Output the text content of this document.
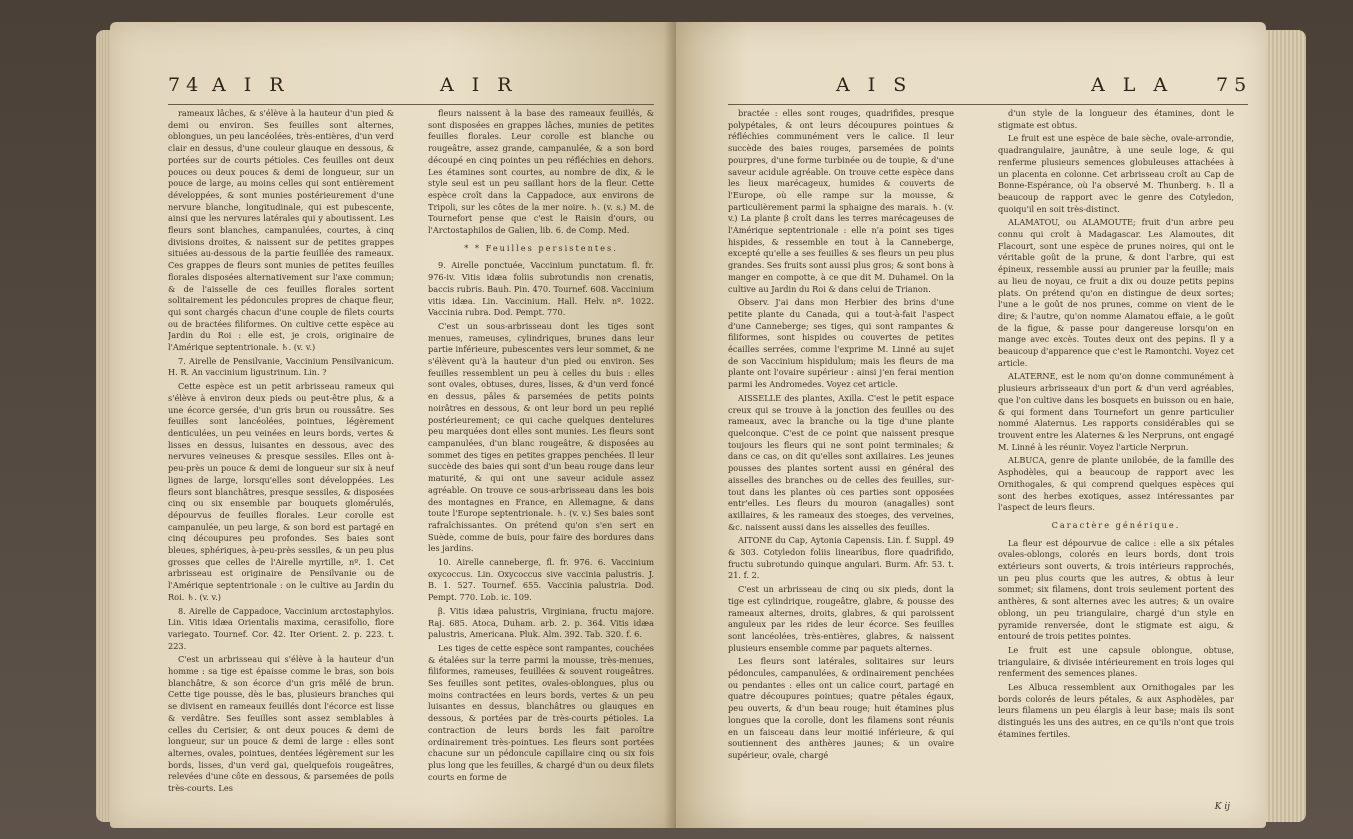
74 A I R	A I R

rameaux lâches, & s'élève à la hauteur d'un pied & demi ou environ. Ses feuilles sont alternes, oblongues, un peu lancéolées, très-entières, d'un verd clair en dessus, d'une couleur glauque en dessous, & portées sur de courts pétioles. Ces feuilles ont deux pouces ou deux pouces & demi de longueur, sur un pouce de large, au moins celles qui sont entièrement développées, & sont munies postérieurement d'une nervure blanche, longitudinale, qui est pubescente, ainsi que les nervures latérales qui y aboutissent. Les fleurs sont blanches, campanulées, courtes, à cinq divisions droites, & naissent sur de petites grappes situées au-dessous de la partie feuillée des rameaux. Ces grappes de fleurs sont munies de petites feuilles florales disposées alternativement sur l'axe commun; & de l'aisselle de ces feuilles florales sortent solitairement les pédoncules propres de chaque fleur, qui sont chargés chacun d'une couple de filets courts ou de bractées filiformes. On cultive cette espèce au Jardin du Roi : elle est, je crois, originaire de l'Amérique septentrionale. ♄. (v. v.)

7. Airelle de Pensilvanie, Vaccinium Pensilvanicum. H. R. An vaccinium ligustrinum. Lin. ?

Cette espèce est un petit arbrisseau rameux qui s'élève à environ deux pieds ou peut-être plus, & a une écorce gersée, d'un gris brun ou roussâtre. Ses feuilles sont lancéolées, pointues, légèrement denticulées, un peu veinées en leurs bords, vertes & lisses en dessus, luisantes en dessous, avec des nervures veineuses & presque sessiles. Elles ont à-peu-près un pouce & demi de longueur sur six à neuf lignes de large, lorsqu'elles sont développées. Les fleurs sont blanchâtres, presque sessiles, & disposées cinq ou six ensemble par bouquets glomérulés, dépourvus de feuilles florales. Leur corolle est campanulée, un peu large, & son bord est partagé en cinq découpures peu profondes. Ses baies sont bleues, sphériques, à-peu-près sessiles, & un peu plus grosses que celles de l'Airelle myrtille, nº. 1. Cet arbrisseau est originaire de Pensilvanie ou de l'Amérique septentrionale : on le cultive au Jardin du Roi. ♄. (v. v.)

8. Airelle de Cappadoce, Vaccinium arctostaphylos. Lin. Vitis idæa Orientalis maxima, cerasifolio, flore variegato. Tournef. Cor. 42. Iter Orient. 2. p. 223. t. 223.

C'est un arbrisseau qui s'élève à la hauteur d'un homme : sa tige est épaisse comme le bras, son bois blanchâtre, & son écorce d'un gris mêlé de brun. Cette tige pousse, dès le bas, plusieurs branches qui se divisent en rameaux feuillés dont l'écorce est lisse & verdâtre. Ses feuilles sont assez semblables à celles du Cerisier, & ont deux pouces & demi de longueur, sur un pouce & demi de large : elles sont alternes, ovales, pointues, dentées légèrement sur les bords, lisses, d'un verd gai, quelquefois rougeâtres, relevées d'une côte en dessous, & parsemées de poils très-courts. Les

fleurs naissent à la base des rameaux feuillés, & sont disposées en grappes lâches, munies de petites feuilles florales. Leur corolle est blanche ou rougeâtre, assez grande, campanulée, & a son bord découpé en cinq pointes un peu réfléchies en dehors. Les étamines sont courtes, au nombre de dix, & le style seul est un peu saillant hors de la fleur. Cette espèce croît dans la Cappadoce, aux environs de Tripoli, sur les côtes de la mer noire. ♄. (v. s.) M. de Tournefort pense que c'est le Raisin d'ours, ou l'Arctostaphilos de Galien, lib. 6. de Comp. Med.

* * Feuilles persistentes.

9. Airelle ponctuée, Vaccinium punctatum. fl. fr. 976-iv. Vitis idæa foliis subrotundis non crenatis, baccis rubris. Bauh. Pin. 470. Tournef. 608. Vaccinium vitis idæa. Lin. Vaccinium. Hall. Helv. nº. 1022. Vaccinia rubra. Dod. Pempt. 770.

C'est un sous-arbrisseau dont les tiges sont menues, rameuses, cylindriques, brunes dans leur partie inférieure, pubescentes vers leur sommet, & ne s'élèvent qu'à la hauteur d'un pied ou environ. Ses feuilles ressemblent un peu à celles du buis : elles sont ovales, obtuses, dures, lisses, & d'un verd foncé en dessus, pâles & parsemées de petits points noirâtres en dessous, & ont leur bord un peu replié postérieurement; ce qui cache quelques dentelures peu marquées dont elles sont munies. Les fleurs sont campanulées, d'un blanc rougeâtre, & disposées au sommet des tiges en petites grappes penchées. Il leur succède des baies qui sont d'un beau rouge dans leur maturité, & qui ont une saveur acidule assez agréable. On trouve ce sous-arbrisseau dans les bois des montagnes en France, en Allemagne, & dans toute l'Europe septentrionale. ♄. (v. v.) Ses baies sont rafraîchissantes. On prétend qu'on s'en sert en Suède, comme de buis, pour faire des bordures dans les jardins.

10. Airelle canneberge, fl. fr. 976. 6. Vaccinium oxycoccus. Lin. Oxycoccus sive vaccinia palustris. J. B. 1. 527. Tournef. 655. Vaccinia palustria. Dod. Pempt. 770. Lob. ic. 109.

β. Vitis idæa palustris, Virginiana, fructu majore. Raj. 685. Atoca, Duham. arb. 2. p. 364. Vitis idæa palustris, Americana. Pluk. Alm. 392. Tab. 320. f. 6.

Les tiges de cette espèce sont rampantes, couchées & étalées sur la terre parmi la mousse, très-menues, filiformes, rameuses, feuillées & souvent rougeâtres. Ses feuilles sont petites, ovales-oblongues, plus ou moins contractées en leurs bords, vertes & un peu luisantes en dessus, blanchâtres ou glauques en dessous, & portées par de très-courts pétioles. La contraction de leurs bords les fait paroître ordinairement très-pointues. Les fleurs sont portées chacune sur un pédoncule capillaire cinq ou six fois plus long que les feuilles, & chargé d'un ou deux filets courts en forme de

A I S	A L A 75

bractée : elles sont rouges, quadrifides, presque polypétales, & ont leurs découpures pointues & réfléchies communément vers le calice. Il leur succède des baies rouges, parsemées de points pourpres, d'une forme turbinée ou de toupie, & d'une saveur acidule agréable. On trouve cette espèce dans les lieux marécageux, humides & couverts de l'Europe, où elle rampe sur la mousse, & particulièrement parmi la sphaigne des marais. ♄. (v. v.) La plante β croît dans les terres marécageuses de l'Amérique septentrionale : elle n'a point ses tiges hispides, & ressemble en tout à la Canneberge, excepté qu'elle a ses feuilles & ses fleurs un peu plus grandes. Ses fruits sont aussi plus gros; & sont bons à manger en compotte, à ce que dit M. Duhamel. On la cultive au Jardin du Roi & dans celui de Trianon.

Observ. J'ai dans mon Herbier des brins d'une petite plante du Canada, qui a tout-à-fait l'aspect d'une Canneberge; ses tiges, qui sont rampantes & filiformes, sont hispides ou couvertes de petites écailles serrées, comme l'exprime M. Linné au sujet de son Vaccinium hispidulum; mais les fleurs de ma plante ont l'ovaire supérieur : ainsi j'en ferai mention parmi les Andromedes. Voyez cet article.

AISSELLE des plantes, Axilla. C'est le petit espace creux qui se trouve à la jonction des feuilles ou des rameaux, avec la branche ou la tige d'une plante quelconque. C'est de ce point que naissent presque toujours les fleurs qui ne sont point terminales; & dans ce cas, on dit qu'elles sont axillaires. Les jeunes pousses des plantes sortent aussi en général des aisselles des branches ou de celles des feuilles, sur-tout dans les plantes où ces parties sont opposées entr'elles. Les fleurs du mouron (anagalles) sont axillaires, & les rameaux des stoeges, des verveines, &c. naissent aussi dans les aisselles des feuilles.

AITONE du Cap, Aytonia Capensis. Lin. f. Suppl. 49 & 303. Cotyledon foliis linearibus, flore quadrifido, fructu subrotundo quinque angulari. Burm. Afr. 53. t. 21. f. 2.

C'est un arbrisseau de cinq ou six pieds, dont la tige est cylindrique, rougeâtre, glabre, & pousse des rameaux alternes, droits, glabres, & qui paroissent anguleux par les rides de leur écorce. Ses feuilles sont lancéolées, très-entières, glabres, & naissent plusieurs ensemble comme par paquets alternes.

Les fleurs sont latérales, solitaires sur leurs pédoncules, campanulées, & ordinairement penchées ou pendantes : elles ont un calice court, partagé en quatre découpures pointues; quatre pétales égaux, peu ouverts, & d'un beau rouge; huit étamines plus longues que la corolle, dont les filamens sont réunis en un faisceau dans leur moitié inférieure, & qui soutiennent des anthères jaunes; & un ovaire supérieur, ovale, chargé

d'un style de la longueur des étamines, dont le stigmate est obtus.

Le fruit est une espèce de baie sèche, ovale-arrondie, quadrangulaire, jaunâtre, à une seule loge, & qui renferme plusieurs semences globuleuses attachées à un placenta en colonne. Cet arbrisseau croît au Cap de Bonne-Espérance, où l'a observé M. Thunberg. ♄. Il a beaucoup de rapport avec le genre des Cotyledon, quoiqu'il en soit très-distinct.

ALAMATOU, ou ALAMOUTE; fruit d'un arbre peu connu qui croît à Madagascar. Les Alamoutes, dit Flacourt, sont une espèce de prunes noires, qui ont le véritable goût de la prune, & dont l'arbre, qui est épineux, ressemble aussi au prunier par la feuille; mais au lieu de noyau, ce fruit a dix ou douze petits pepins plats. On prétend qu'on en distingue de deux sortes; l'une a le goût de nos prunes, comme on vient de le dire; & l'autre, qu'on nomme Alamatou effaie, a le goût de la figue, & passe pour dangereuse lorsqu'on en mange avec excès. Toutes deux ont des pepins. Il y a beaucoup d'apparence que c'est le Ramontchi. Voyez cet article.

ALATERNE, est le nom qu'on donne communément à plusieurs arbrisseaux d'un port & d'un verd agréables, que l'on cultive dans les bosquets en buisson ou en haie, & qui forment dans Tournefort un genre particulier nommé Alaternus. Les rapports considérables qui se trouvent entre les Alaternes & les Nerpruns, ont engagé M. Linné à les réunir. Voyez l'article Nerprun.

ALBUCA, genre de plante unilobée, de la famille des Asphodèles, qui a beaucoup de rapport avec les Ornithogales, & qui comprend quelques espèces qui sont des herbes exotiques, assez intéressantes par l'aspect de leurs fleurs.

Caractère générique.

La fleur est dépourvue de calice : elle a six pétales ovales-oblongs, colorés en leurs bords, dont trois extérieurs sont ouverts, & trois intérieurs rapprochés, un peu plus courts que les autres, & obtus à leur sommet; six filamens, dont trois seulement portent des anthères, & sont alternes avec les autres; & un ovaire oblong, un peu triangulaire, chargé d'un style en pyramide renversée, dont le stigmate est aigu, & entouré de trois petites pointes.

Le fruit est une capsule oblongue, obtuse, triangulaire, & divisée intérieurement en trois loges qui renferment des semences planes.

Les Albuca ressemblent aux Ornithogales par les bords colorés de leurs pétales, & aux Asphodèles, par leurs filamens un peu élargis à leur base; mais ils sont distingués les uns des autres, en ce qu'ils n'ont que trois étamines fertiles.

K ij
